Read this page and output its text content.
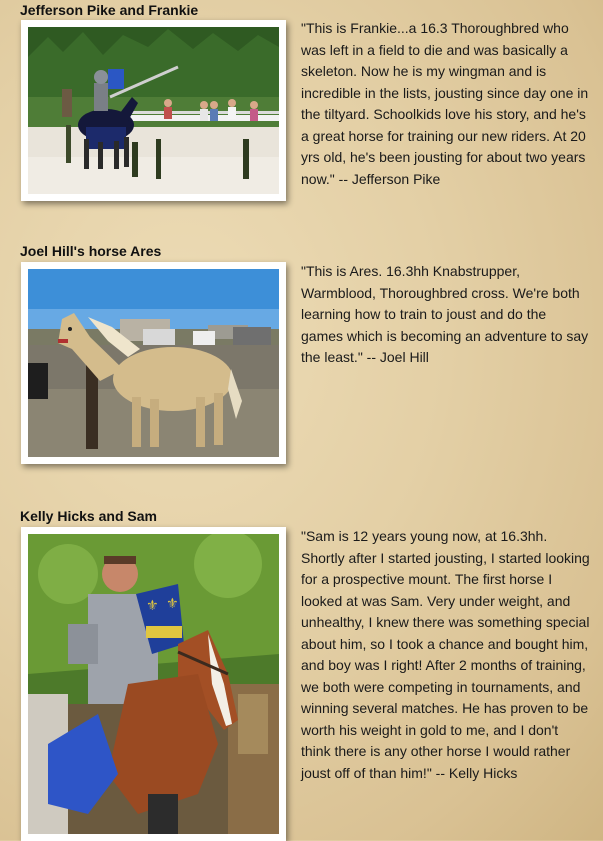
Jefferson Pike and Frankie
"This is Frankie...a 16.3 Thoroughbred who was left in a field to die and was basically a skeleton. Now he is my wingman and is incredible in the lists, jousting since day one in the tiltyard. Schoolkids love his story, and he's a great horse for training our new riders. At 20 yrs old, he's been jousting for about two years now." -- Jefferson Pike
Joel Hill's horse Ares
"This is Ares. 16.3hh Knabstrupper, Warmblood, Thoroughbred cross. We're both learning how to train to joust and do the games which is becoming an adventure to say the least." -- Joel Hill
Kelly Hicks and Sam
⚜ ⚜
"Sam is 12 years young now, at 16.3hh. Shortly after I started jousting, I started looking for a prospective mount. The first horse I looked at was Sam. Very under weight, and unhealthy, I knew there was something special about him, so I took a chance and bought him, and boy was I right! After 2 months of training, we both were competing in tournaments, and winning several matches. He has proven to be worth his weight in gold to me, and I don't think there is any other horse I would rather joust off of than him!" -- Kelly Hicks
